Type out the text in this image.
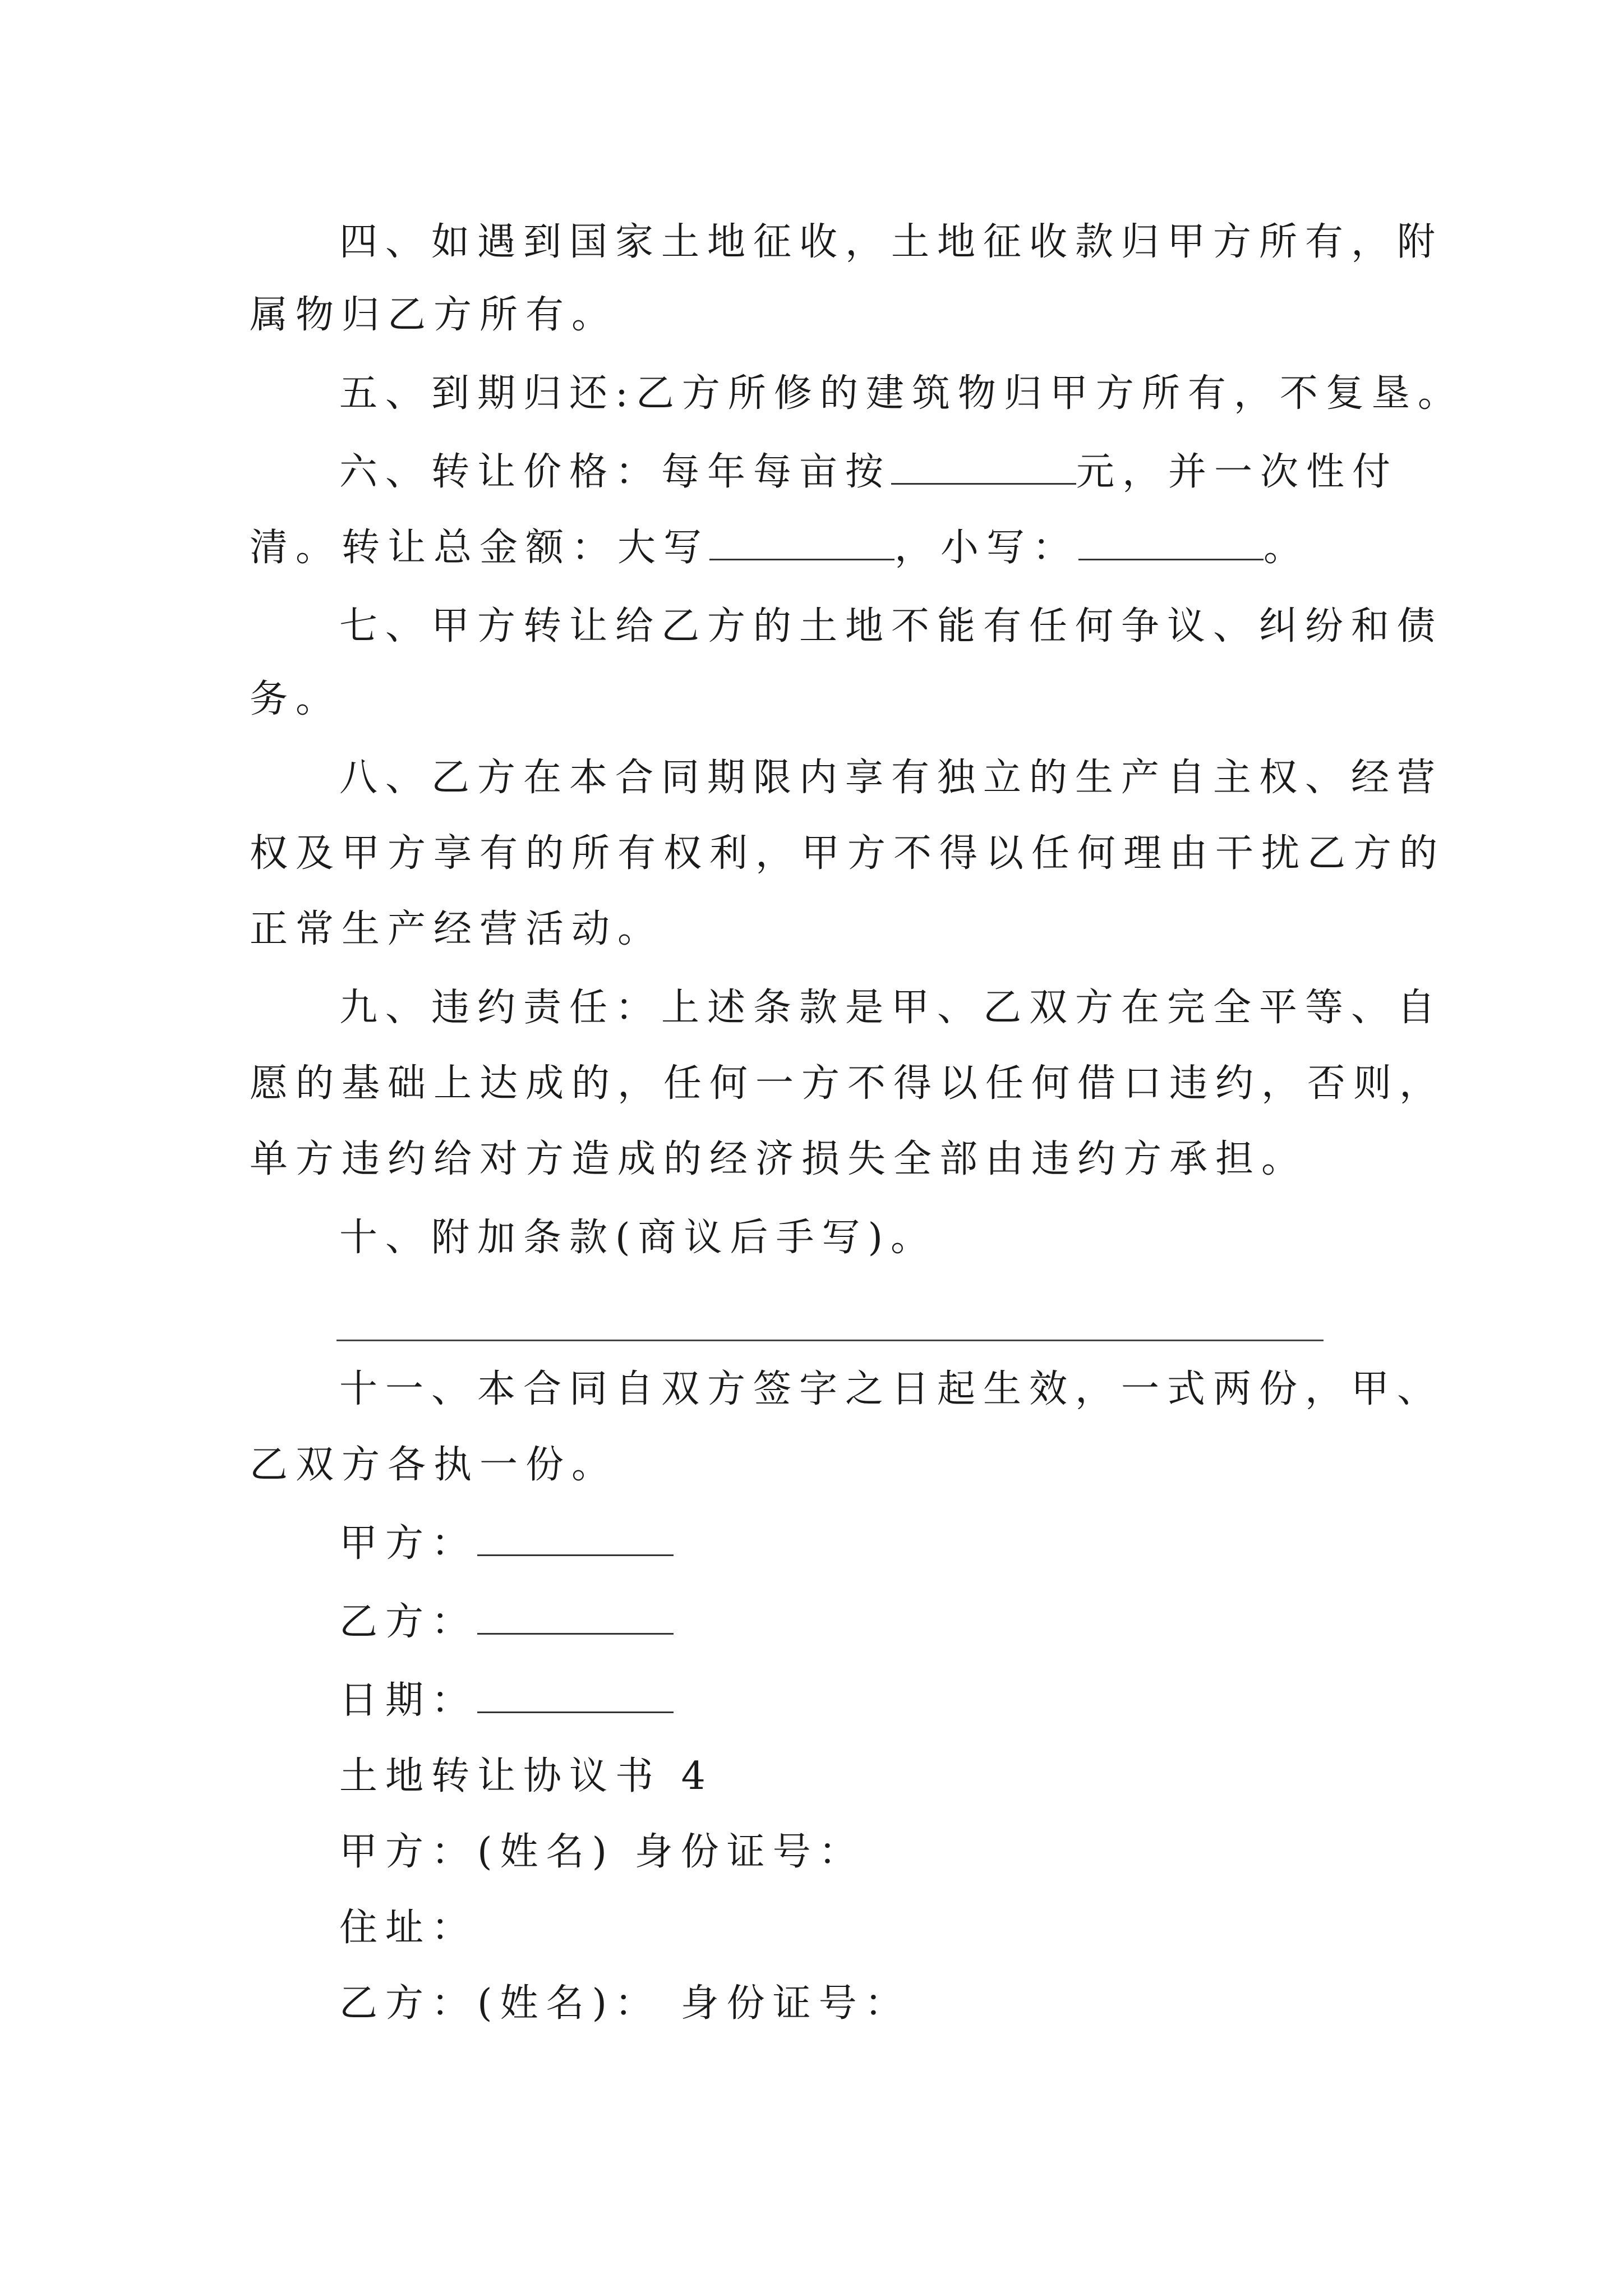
四、如遇到国家土地征收，土地征收款归甲方所有，附
属物归乙方所有。
五、到期归还:乙方所修的建筑物归甲方所有，不复垦。
六、转让价格：每年每亩按	元，并一次性付
清。转让总金额：大写	，小写：	。
七、甲方转让给乙方的土地不能有任何争议、纠纷和债
务。
八、乙方在本合同期限内享有独立的生产自主权、经营
权及甲方享有的所有权利，甲方不得以任何理由干扰乙方的
正常生产经营活动。
九、违约责任：上述条款是甲、乙双方在完全平等、自
愿的基础上达成的，任何一方不得以任何借口违约，否则，
单方违约给对方造成的经济损失全部由违约方承担。
十、附加条款(商议后手写)。
十一、本合同自双方签字之日起生效，一式两份，甲、
乙双方各执一份。
甲方：
乙方：
日期：
土地转让协议书 4
甲方：(姓名) 身份证号：
住址：
乙方：(姓名)： 身份证号：
